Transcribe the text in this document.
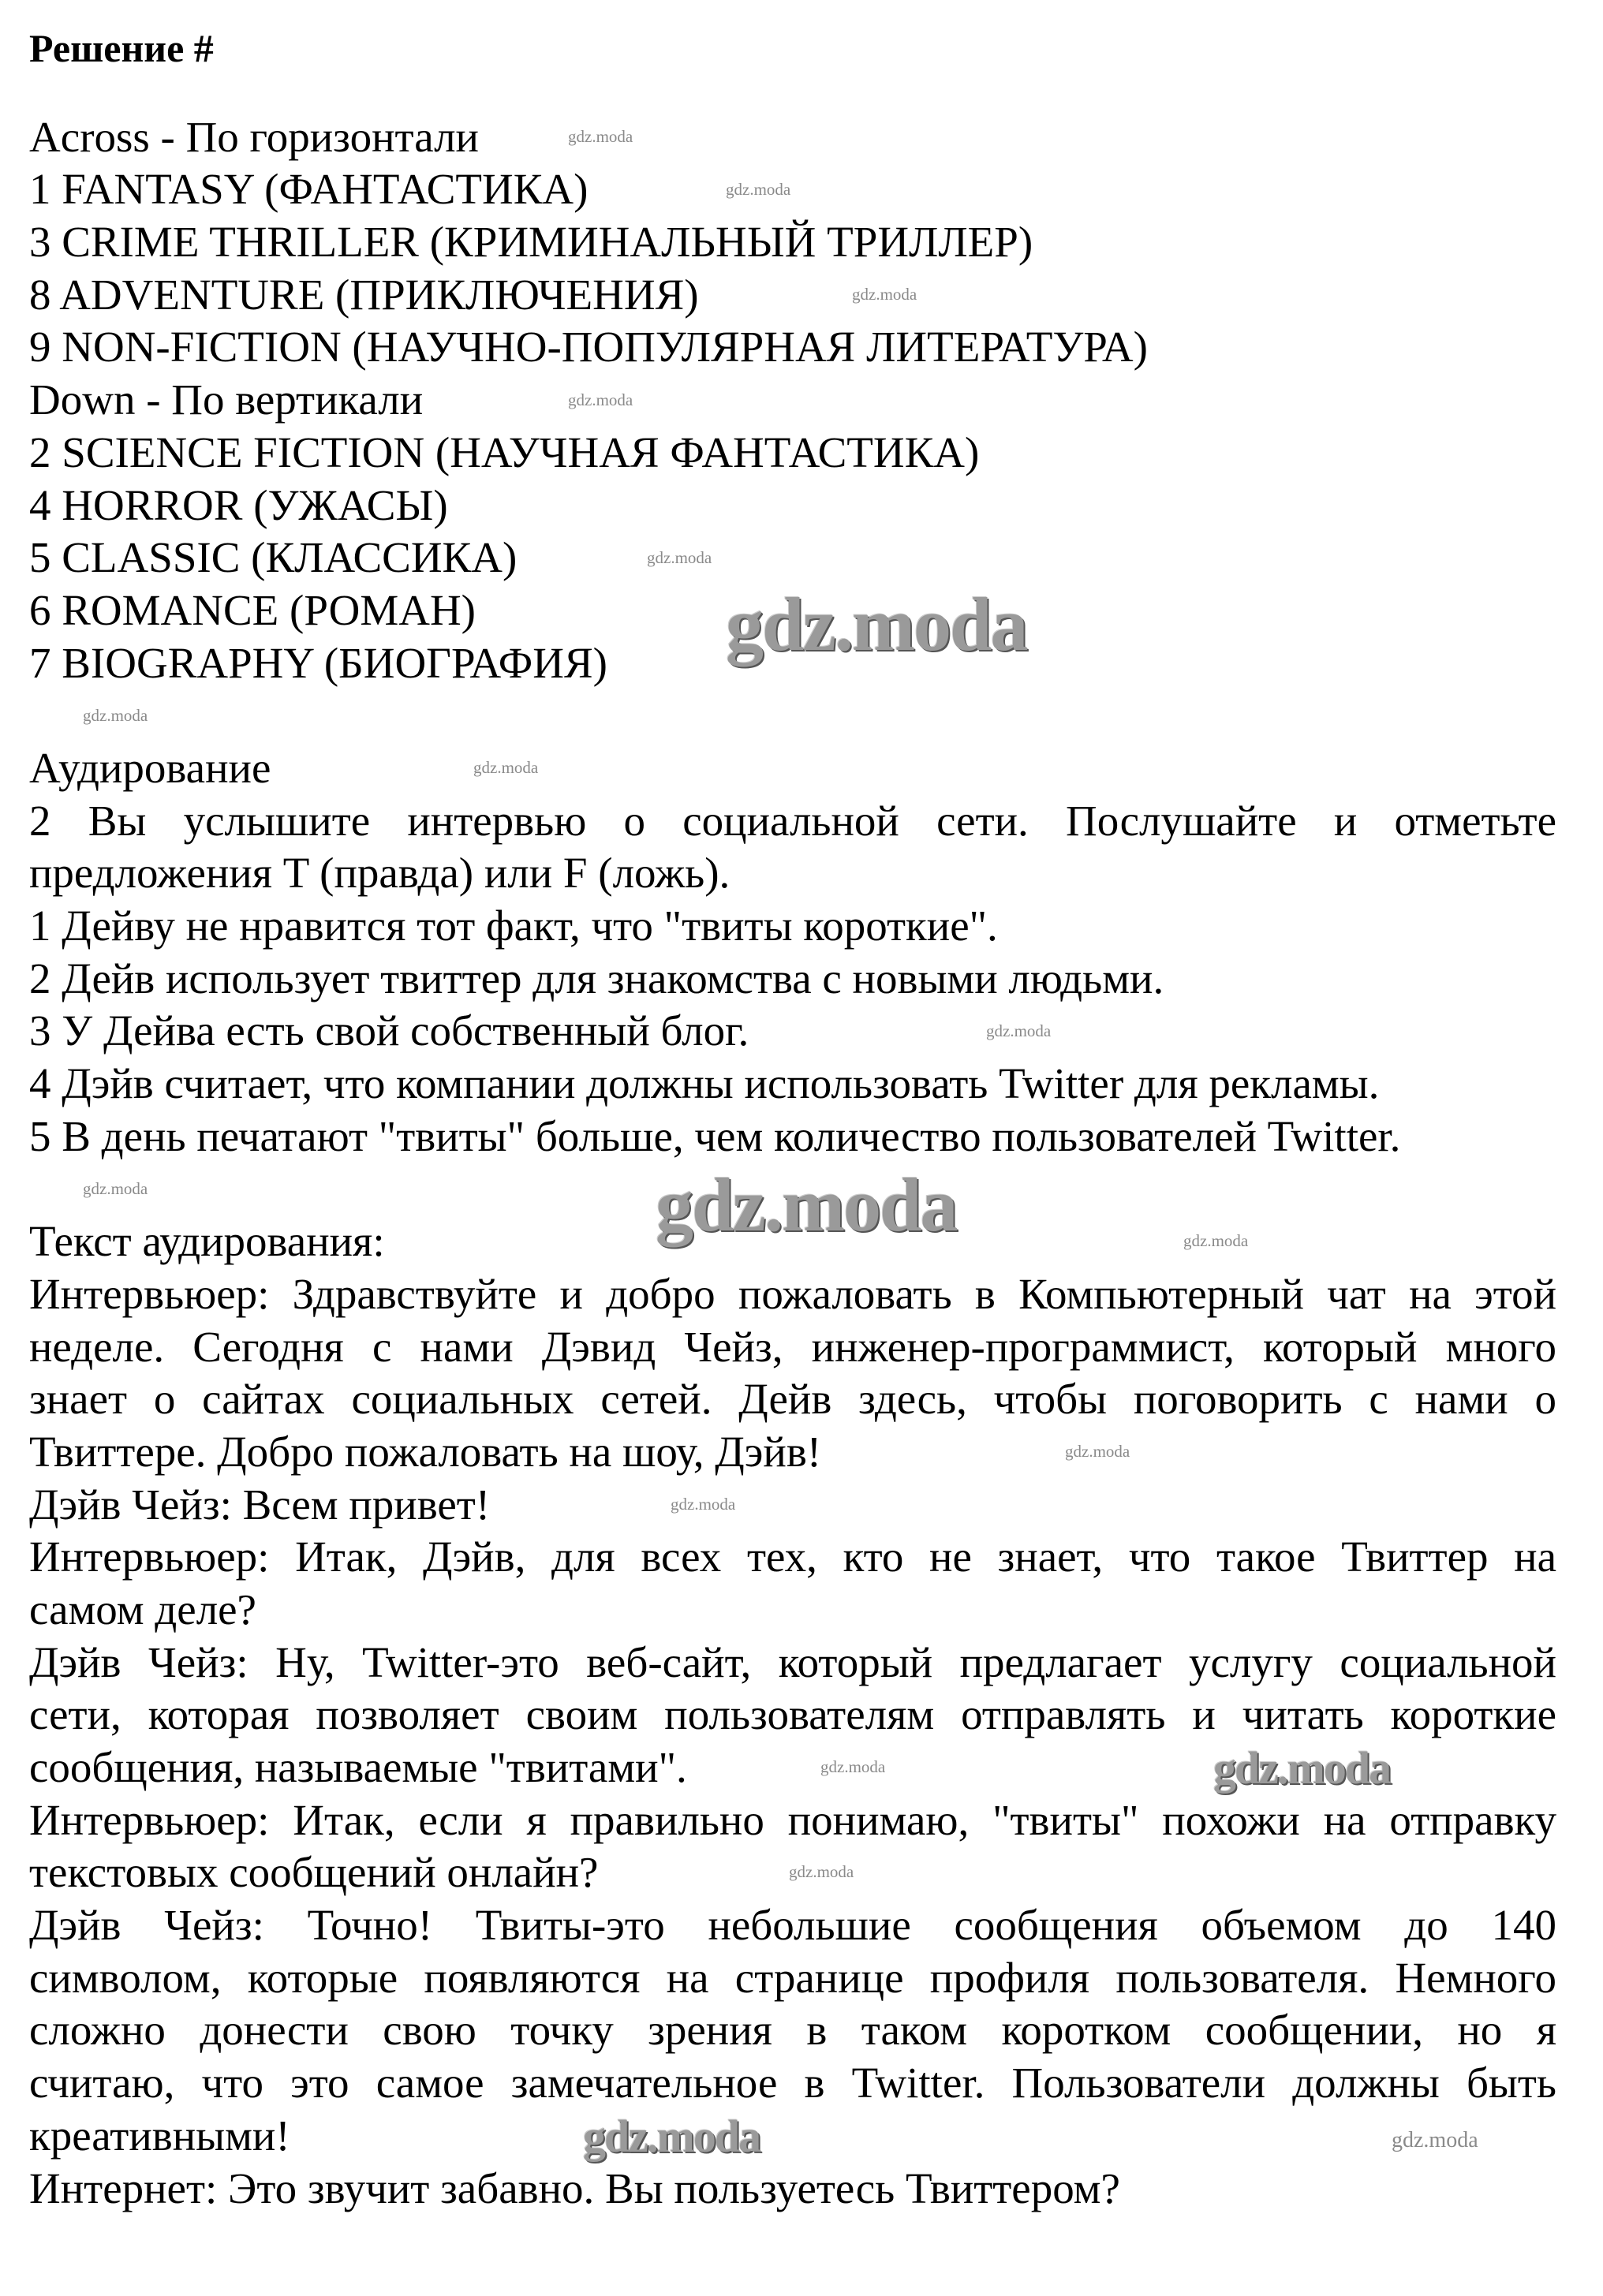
Решение #
Across - По горизонтали
1 FANTASY (ФАНТАСТИКА)
3 CRIME THRILLER (КРИМИНАЛЬНЫЙ ТРИЛЛЕР)
8 ADVENTURE (ПРИКЛЮЧЕНИЯ)
9 NON-FICTION (НАУЧНО-ПОПУЛЯРНАЯ ЛИТЕРАТУРА)
Down - По вертикали
2 SCIENCE FICTION (НАУЧНАЯ ФАНТАСТИКА)
4 HORROR (УЖАСЫ)
5 CLASSIC (КЛАССИКА)
6 ROMANCE (РОМАН)
7 BIOGRAPHY (БИОГРАФИЯ)
Аудирование
2 Вы услышите интервью о социальной сети. Послушайте и отметьте
предложения T (правда) или F (ложь).
1 Дейву не нравится тот факт, что "твиты короткие".
2 Дейв использует твиттер для знакомства с новыми людьми.
3 У Дейва есть свой собственный блог.
4 Дэйв считает, что компании должны использовать Twitter для рекламы.
5 В день печатают "твиты" больше, чем количество пользователей Twitter.
Текст аудирования:
Интервьюер: Здравствуйте и добро пожаловать в Компьютерный чат на этой
неделе. Сегодня с нами Дэвид Чейз, инженер-программист, который много
знает о сайтах социальных сетей. Дейв здесь, чтобы поговорить с нами о
Твиттере. Добро пожаловать на шоу, Дэйв!
Дэйв Чейз: Всем привет!
Интервьюер: Итак, Дэйв, для всех тех, кто не знает, что такое Твиттер на
самом деле?
Дэйв Чейз: Ну, Twitter-это веб-сайт, который предлагает услугу социальной
сети, которая позволяет своим пользователям отправлять и читать короткие
сообщения, называемые "твитами".
Интервьюер: Итак, если я правильно понимаю, "твиты" похожи на отправку
текстовых сообщений онлайн?
Дэйв Чейз: Точно! Твиты-это небольшие сообщения объемом до 140
символом, которые появляются на странице профиля пользователя. Немного
сложно донести свою точку зрения в таком коротком сообщении, но я
считаю, что это самое замечательное в Twitter. Пользователи должны быть
креативными!
Интернет: Это звучит забавно. Вы пользуетесь Твиттером?
gdz.moda
gdz.moda
gdz.moda
gdz.moda
gdz.moda
gdz.moda
gdz.moda
gdz.moda
gdz.moda
gdz.moda
gdz.moda
gdz.moda
gdz.moda
gdz.moda
gdz.moda
gdz.moda
gdz.moda
gdz.moda
gdz.moda
